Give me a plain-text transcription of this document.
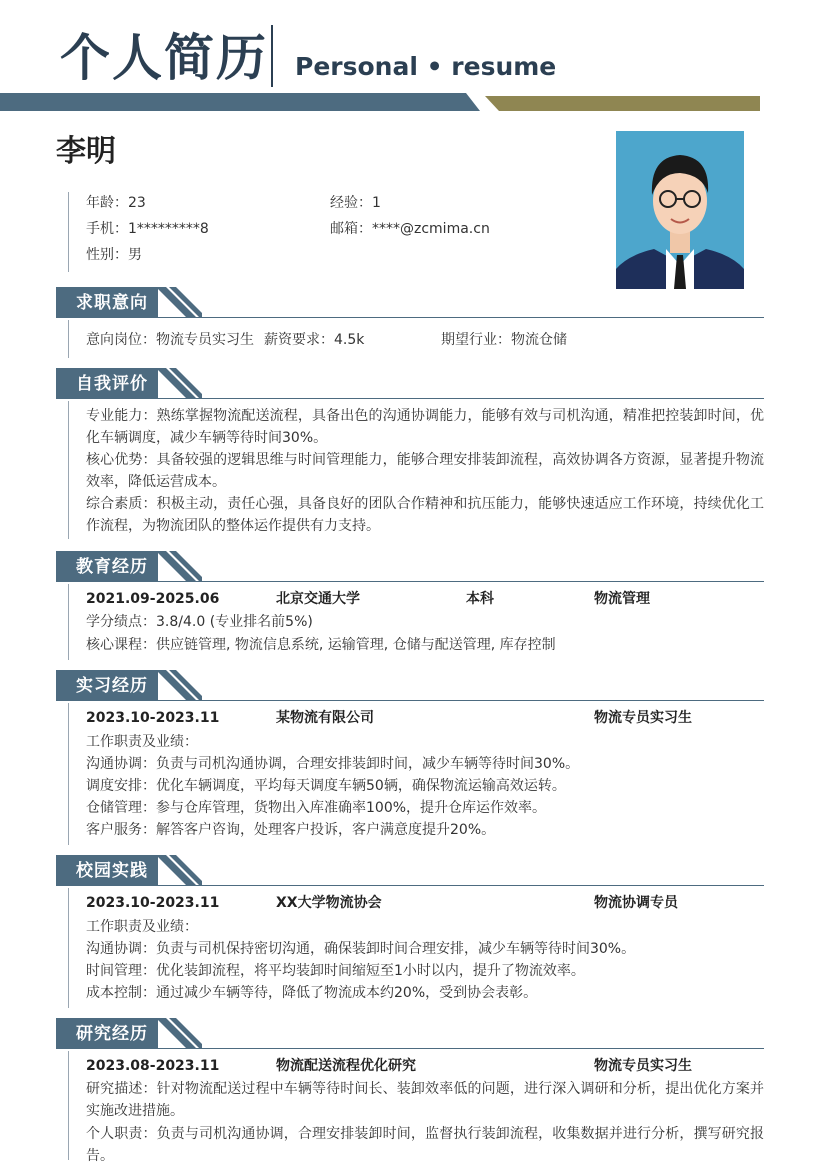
个人简历 Personal • resume
李明
年龄：23	经验：1
手机：1*********8	邮箱：****@zcmima.cn
性别：男
求职意向
意向岗位：物流专员实习生 薪资要求：4.5k	期望行业：物流仓储
自我评价
专业能力：熟练掌握物流配送流程，具备出色的沟通协调能力，能够有效与司机沟通，精准把控装卸时间，优化车辆调度，减少车辆等待时间30%。
核心优势：具备较强的逻辑思维与时间管理能力，能够合理安排装卸流程，高效协调各方资源，显著提升物流效率，降低运营成本。
综合素质：积极主动，责任心强，具备良好的团队合作精神和抗压能力，能够快速适应工作环境，持续优化工作流程，为物流团队的整体运作提供有力支持。
教育经历
2021.09-2025.06	北京交通大学	本科	物流管理
学分绩点：3.8/4.0 (专业排名前5%)
核心课程：供应链管理, 物流信息系统, 运输管理, 仓储与配送管理, 库存控制
实习经历
2023.10-2023.11	某物流有限公司	物流专员实习生
工作职责及业绩：
沟通协调：负责与司机沟通协调，合理安排装卸时间，减少车辆等待时间30%。
调度安排：优化车辆调度，平均每天调度车辆50辆，确保物流运输高效运转。
仓储管理：参与仓库管理，货物出入库准确率100%，提升仓库运作效率。
客户服务：解答客户咨询，处理客户投诉，客户满意度提升20%。
校园实践
2023.10-2023.11	XX大学物流协会	物流协调专员
工作职责及业绩：
沟通协调：负责与司机保持密切沟通，确保装卸时间合理安排，减少车辆等待时间30%。
时间管理：优化装卸流程，将平均装卸时间缩短至1小时以内，提升了物流效率。
成本控制：通过减少车辆等待，降低了物流成本约20%，受到协会表彰。
研究经历
2023.08-2023.11	物流配送流程优化研究	物流专员实习生
研究描述：针对物流配送过程中车辆等待时间长、装卸效率低的问题，进行深入调研和分析，提出优化方案并实施改进措施。
个人职责：负责与司机沟通协调，合理安排装卸时间，监督执行装卸流程，收集数据并进行分析，撰写研究报告。
